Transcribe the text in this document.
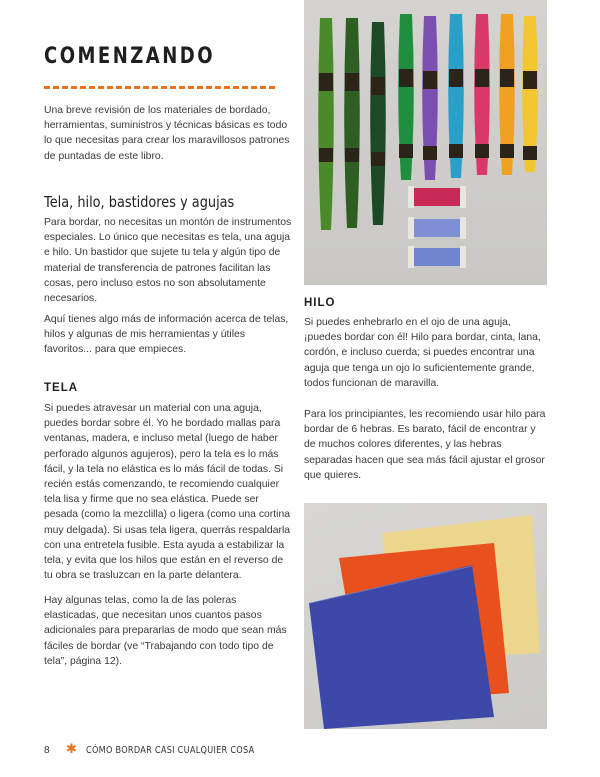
COMENZANDO
Una breve revisión de los materiales de bordado, herramientas, suministros y técnicas básicas es todo lo que necesitas para crear los maravillosos patrones de puntadas de este libro.
Tela, hilo, bastidores y agujas
Para bordar, no necesitas un montón de instrumentos especiales. Lo único que necesitas es tela, una aguja e hilo. Un bastidor que sujete tu tela y algún tipo de material de transferencia de patrones facilitan las cosas, pero incluso estos no son absolutamente necesarios.
Aquí tienes algo más de información acerca de telas, hilos y algunas de mis herramientas y útiles favoritos... para que empieces.
TELA
Si puedes atravesar un material con una aguja, puedes bordar sobre él. Yo he bordado mallas para ventanas, madera, e incluso metal (luego de haber perforado algunos agujeros), pero la tela es lo más fácil, y la tela no elástica es lo más fácil de todas. Si recién estás comenzando, te recomiendo cualquier tela lisa y firme que no sea elástica. Puede ser pesada (como la mezclilla) o ligera (como una cortina muy delgada). Si usas tela ligera, querrás respaldarla con una entretela fusible. Esta ayuda a estabilizar la tela, y evita que los hilos que están en el reverso de tu obra se trasluzcan en la parte delantera.
Hay algunas telas, como la de las poleras elasticadas, que necesitan unos cuantos pasos adicionales para prepararlas de modo que sean más fáciles de bordar (ve “Trabajando con todo tipo de tela”, página 12).
HILO
Si puedes enhebrarlo en el ojo de una aguja, ¡puedes bordar con él! Hilo para bordar, cinta, lana, cordón, e incluso cuerda; si puedes encontrar una aguja que tenga un ojo lo suficientemente grande, todos funcionan de maravilla.
Para los principiantes, les recomiendo usar hilo para bordar de 6 hebras. Es barato, fácil de encontrar y de muchos colores diferentes, y las hebras separadas hacen que sea más fácil ajustar el grosor que quieres.
8 ✱ CÓMO BORDAR CASI CUALQUIER COSA
